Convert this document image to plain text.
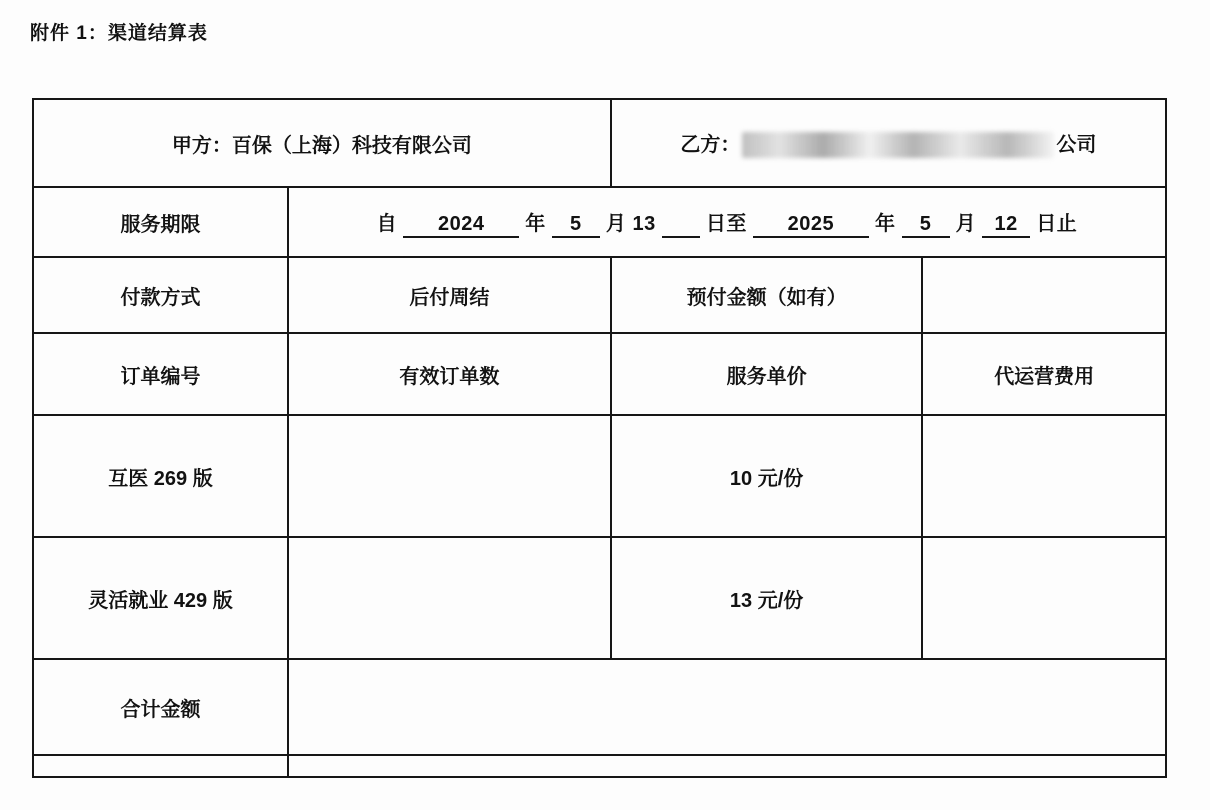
附件 1：渠道结算表
甲方：百保（上海）科技有限公司		乙方： 公司	
服务期限	自 2024 年 5 月 13 日至 2025 年 5 月 12 日止		
付款方式	后付周结	预付金额（如有）	
订单编号	有效订单数	服务单价	代运营费用
互医 269 版		10 元/份	
灵活就业 429 版		13 元/份	
合计金额			
